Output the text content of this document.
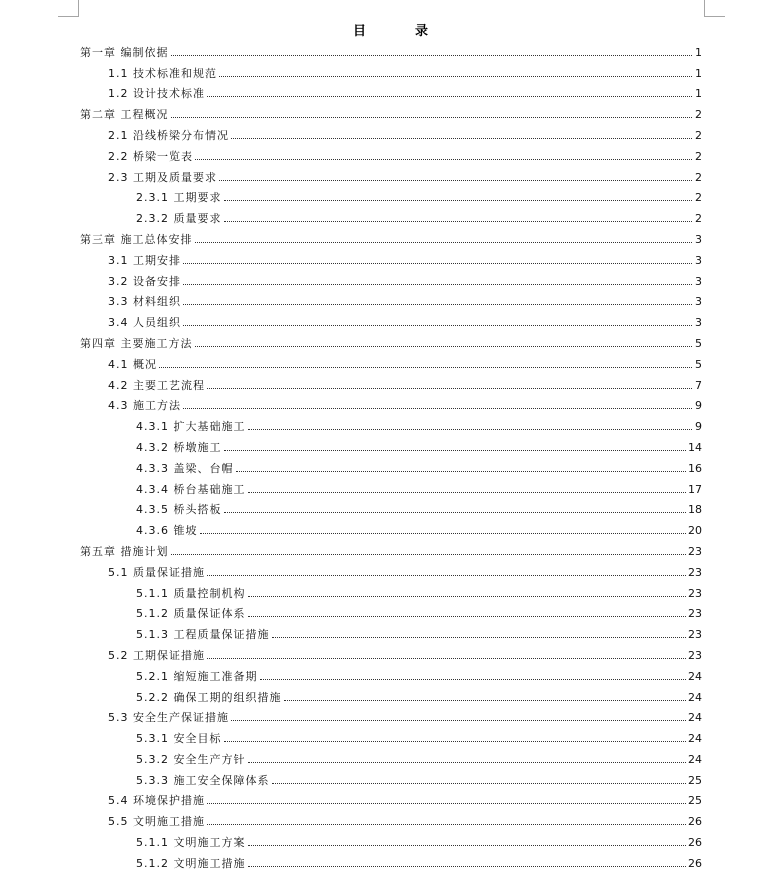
目　录
第一章 编制依据	1
1.1 技术标准和规范	1
1.2 设计技术标准	1
第二章 工程概况	2
2.1 沿线桥梁分布情况	2
2.2 桥梁一览表	2
2.3 工期及质量要求	2
2.3.1 工期要求	2
2.3.2 质量要求	2
第三章 施工总体安排	3
3.1 工期安排	3
3.2 设备安排	3
3.3 材料组织	3
3.4 人员组织	3
第四章 主要施工方法	5
4.1 概况	5
4.2 主要工艺流程	7
4.3 施工方法	9
4.3.1 扩大基础施工	9
4.3.2 桥墩施工	14
4.3.3 盖梁、台帽	16
4.3.4 桥台基础施工	17
4.3.5 桥头搭板	18
4.3.6 锥坡	20
第五章 措施计划	23
5.1 质量保证措施	23
5.1.1 质量控制机构	23
5.1.2 质量保证体系	23
5.1.3 工程质量保证措施	23
5.2 工期保证措施	23
5.2.1 缩短施工准备期	24
5.2.2 确保工期的组织措施	24
5.3 安全生产保证措施	24
5.3.1 安全目标	24
5.3.2 安全生产方针	24
5.3.3 施工安全保障体系	25
5.4 环境保护措施	25
5.5 文明施工措施	26
5.1.1 文明施工方案	26
5.1.2 文明施工措施	26
